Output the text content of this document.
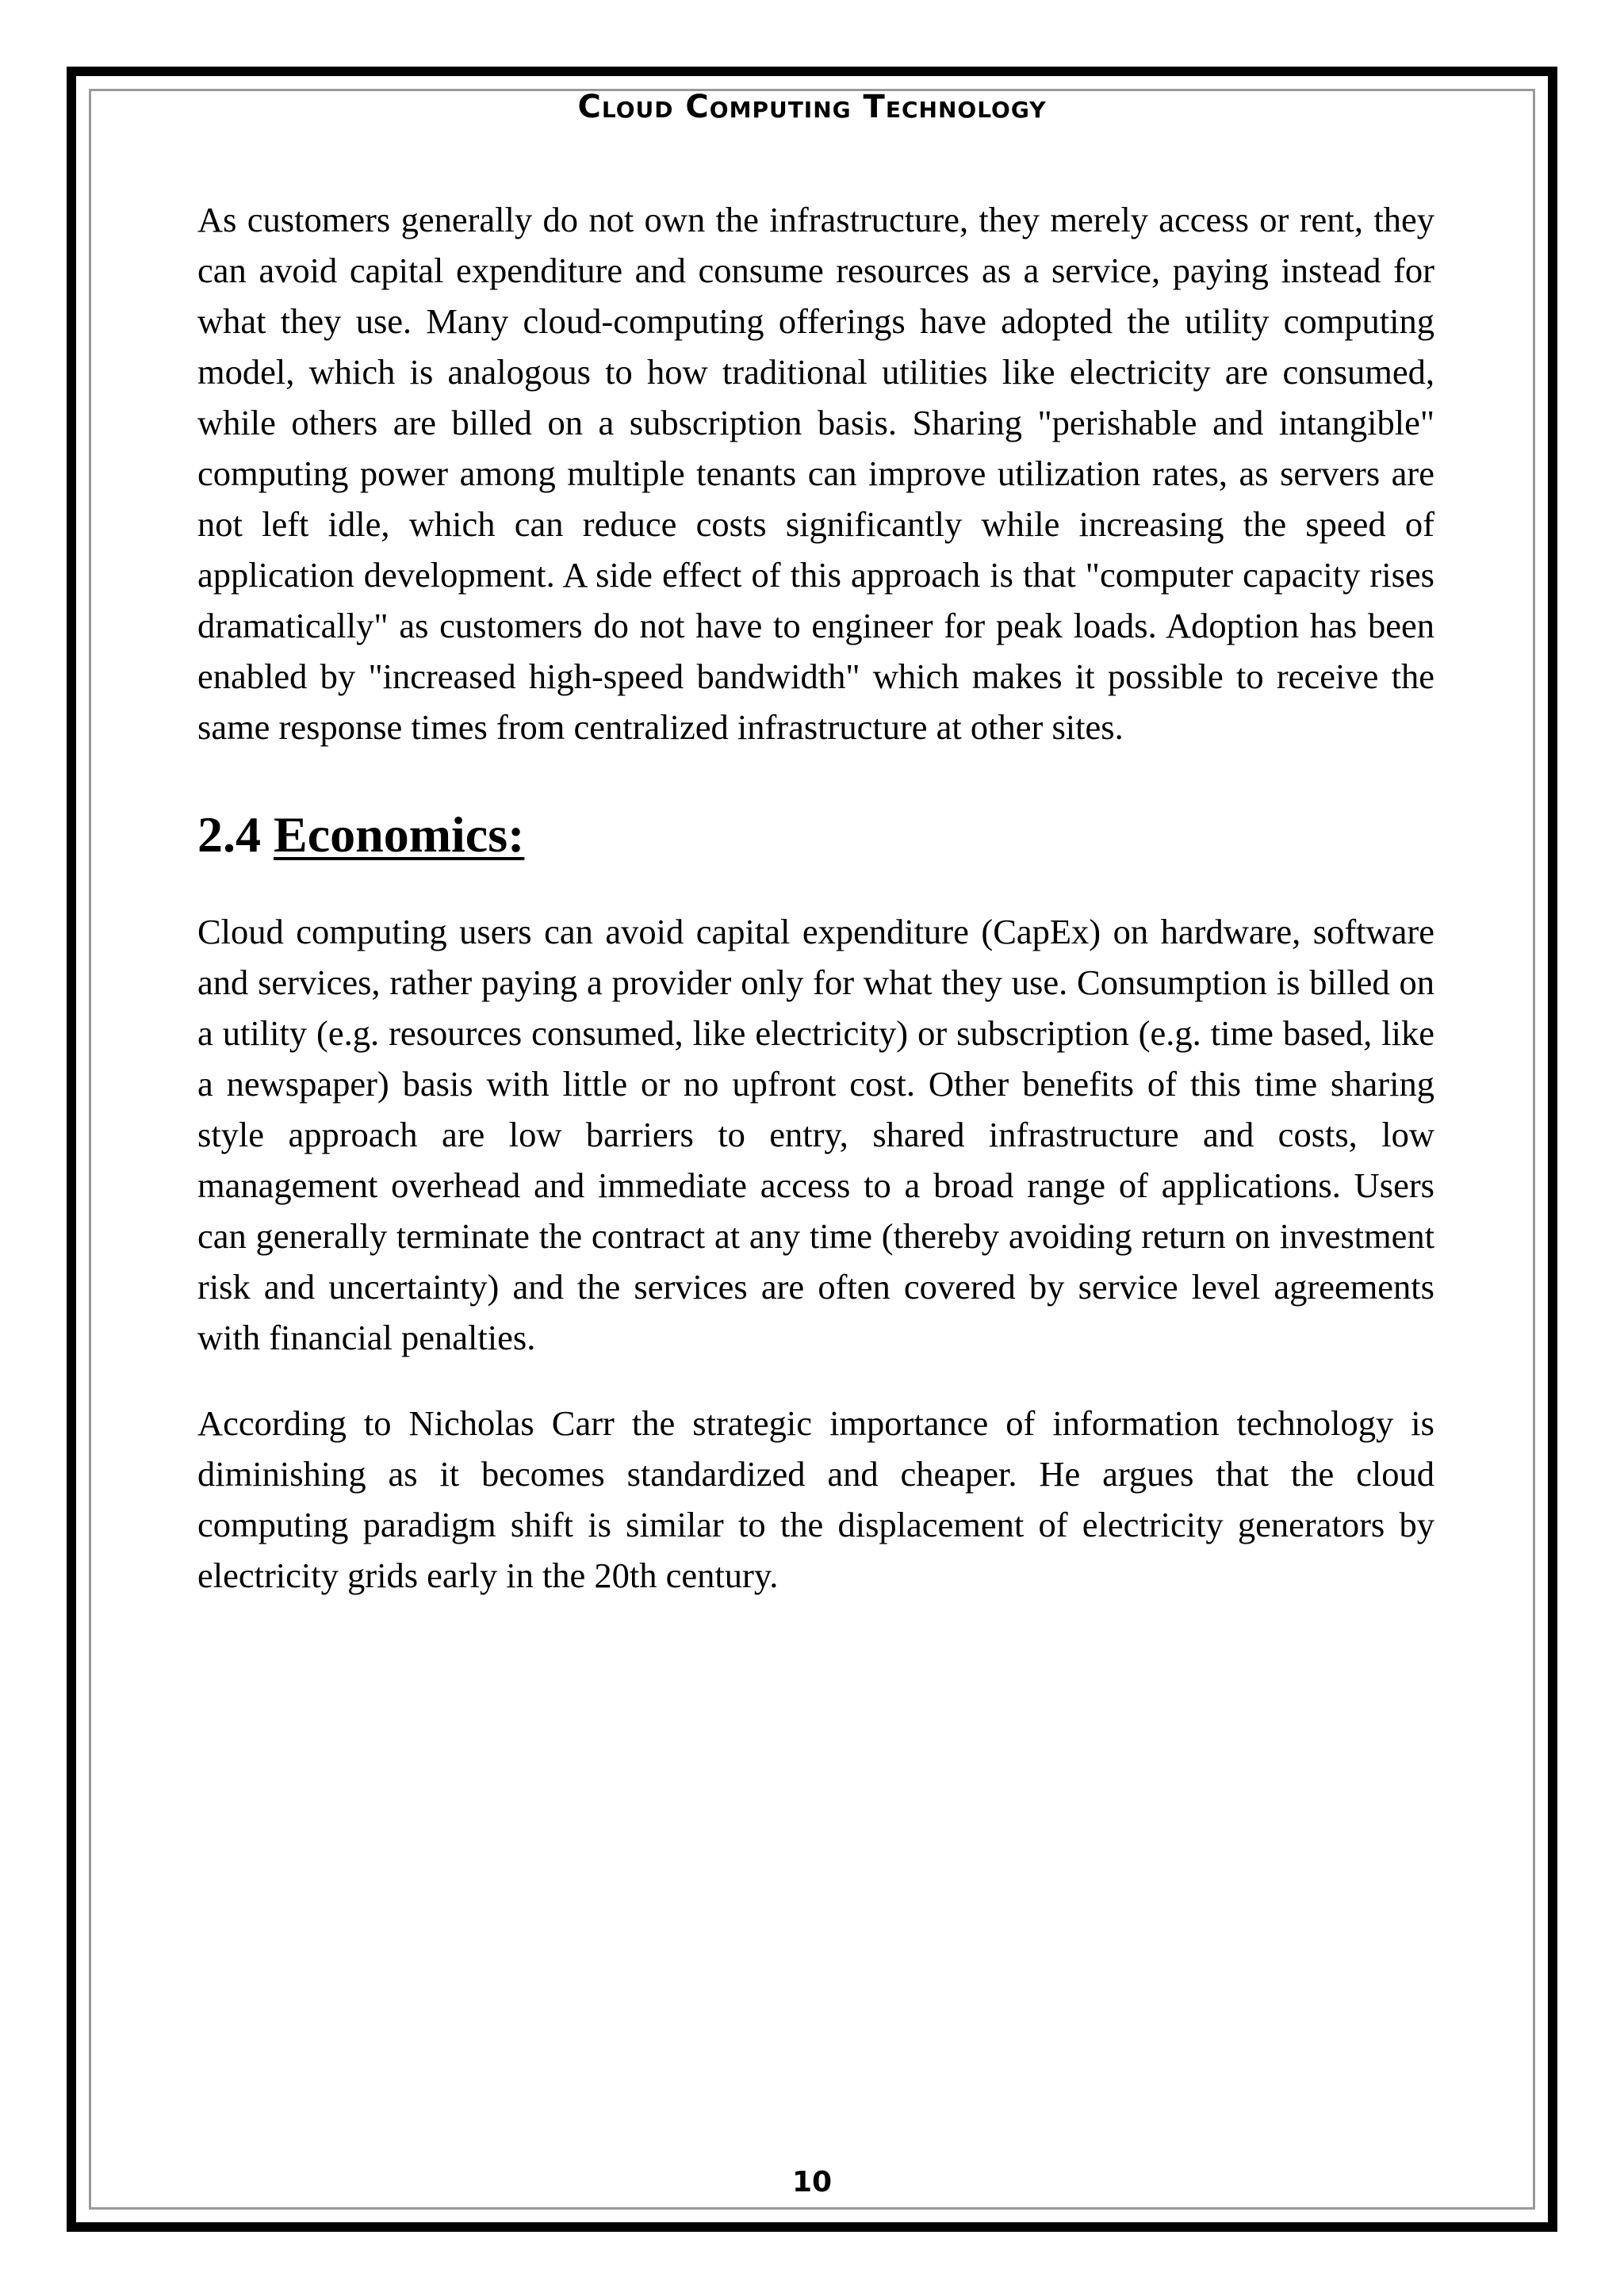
Cloud Computing Technology

As customers generally do not own the infrastructure, they merely access or rent, they can avoid capital expenditure and consume resources as a service, paying instead for what they use. Many cloud-computing offerings have adopted the utility computing model, which is analogous to how traditional utilities like electricity are consumed, while others are billed on a subscription basis. Sharing "perishable and intangible" computing power among multiple tenants can improve utilization rates, as servers are not left idle, which can reduce costs significantly while increasing the speed of application development. A side effect of this approach is that "computer capacity rises dramatically" as customers do not have to engineer for peak loads. Adoption has been enabled by "increased high-speed bandwidth" which makes it possible to receive the same response times from centralized infrastructure at other sites.

2.4 Economics:

Cloud computing users can avoid capital expenditure (CapEx) on hardware, software and services, rather paying a provider only for what they use. Consumption is billed on a utility (e.g. resources consumed, like electricity) or subscription (e.g. time based, like a newspaper) basis with little or no upfront cost. Other benefits of this time sharing style approach are low barriers to entry, shared infrastructure and costs, low management overhead and immediate access to a broad range of applications. Users can generally terminate the contract at any time (thereby avoiding return on investment risk and uncertainty) and the services are often covered by service level agreements with financial penalties.

According to Nicholas Carr the strategic importance of information technology is diminishing as it becomes standardized and cheaper. He argues that the cloud computing paradigm shift is similar to the displacement of electricity generators by electricity grids early in the 20th century.

10
